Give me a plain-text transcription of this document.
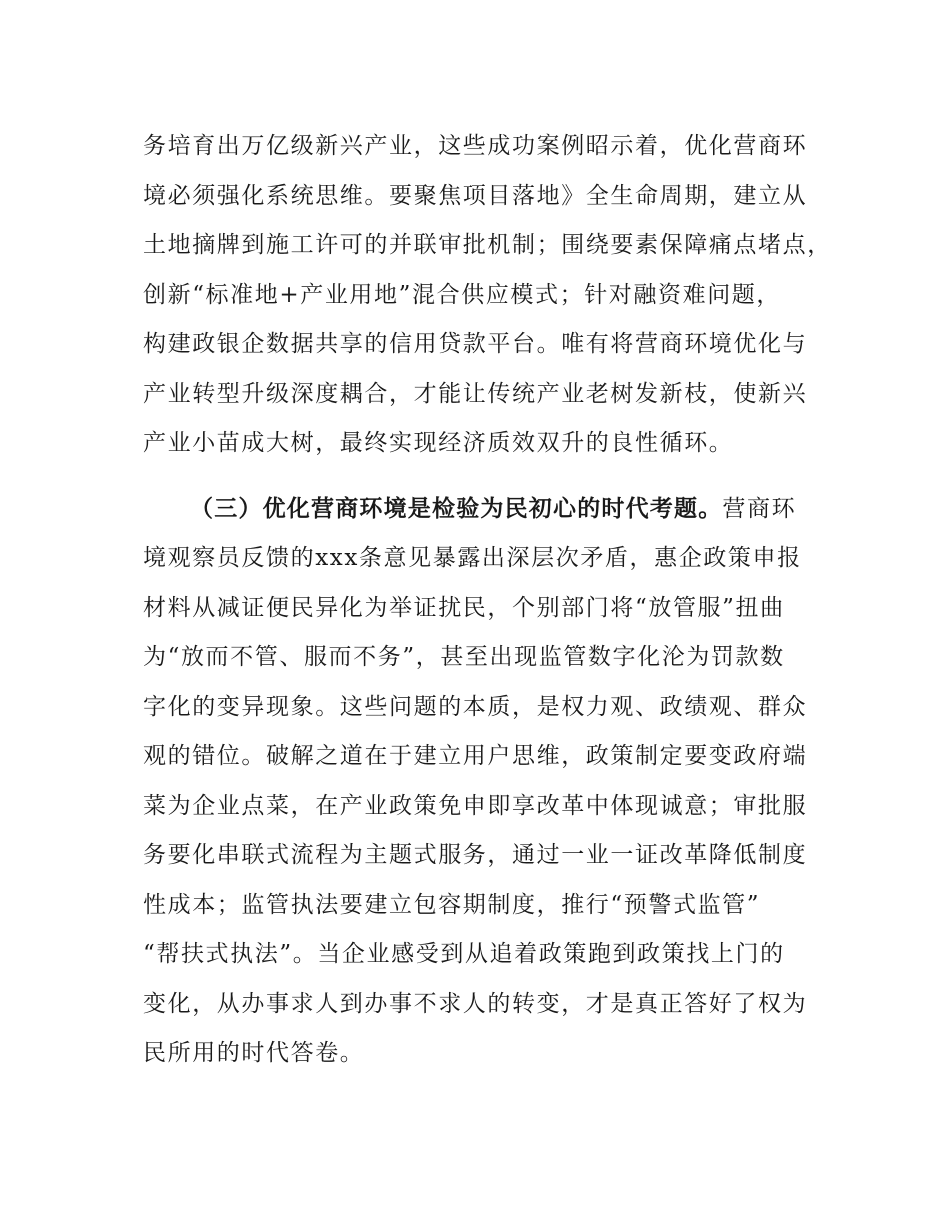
务培育出万亿级新兴产业，这些成功案例昭示着，优化营商环
境必须强化系统思维。要聚焦项目落地》全生命周期，建立从
土地摘牌到施工许可的并联审批机制；围绕要素保障痛点堵点，
创新“标准地+产业用地”混合供应模式；针对融资难问题，
构建政银企数据共享的信用贷款平台。唯有将营商环境优化与
产业转型升级深度耦合，才能让传统产业老树发新枝，使新兴
产业小苗成大树，最终实现经济质效双升的良性循环。
（三）优化营商环境是检验为民初心的时代考题。营商环
境观察员反馈的xxx条意见暴露出深层次矛盾，惠企政策申报
材料从减证便民异化为举证扰民，个别部门将“放管服”扭曲
为“放而不管、服而不务”，甚至出现监管数字化沦为罚款数
字化的变异现象。这些问题的本质，是权力观、政绩观、群众
观的错位。破解之道在于建立用户思维，政策制定要变政府端
菜为企业点菜，在产业政策免申即享改革中体现诚意；审批服
务要化串联式流程为主题式服务，通过一业一证改革降低制度
性成本；监管执法要建立包容期制度，推行“预警式监管”
“帮扶式执法”。当企业感受到从追着政策跑到政策找上门的
变化，从办事求人到办事不求人的转变，才是真正答好了权为
民所用的时代答卷。
